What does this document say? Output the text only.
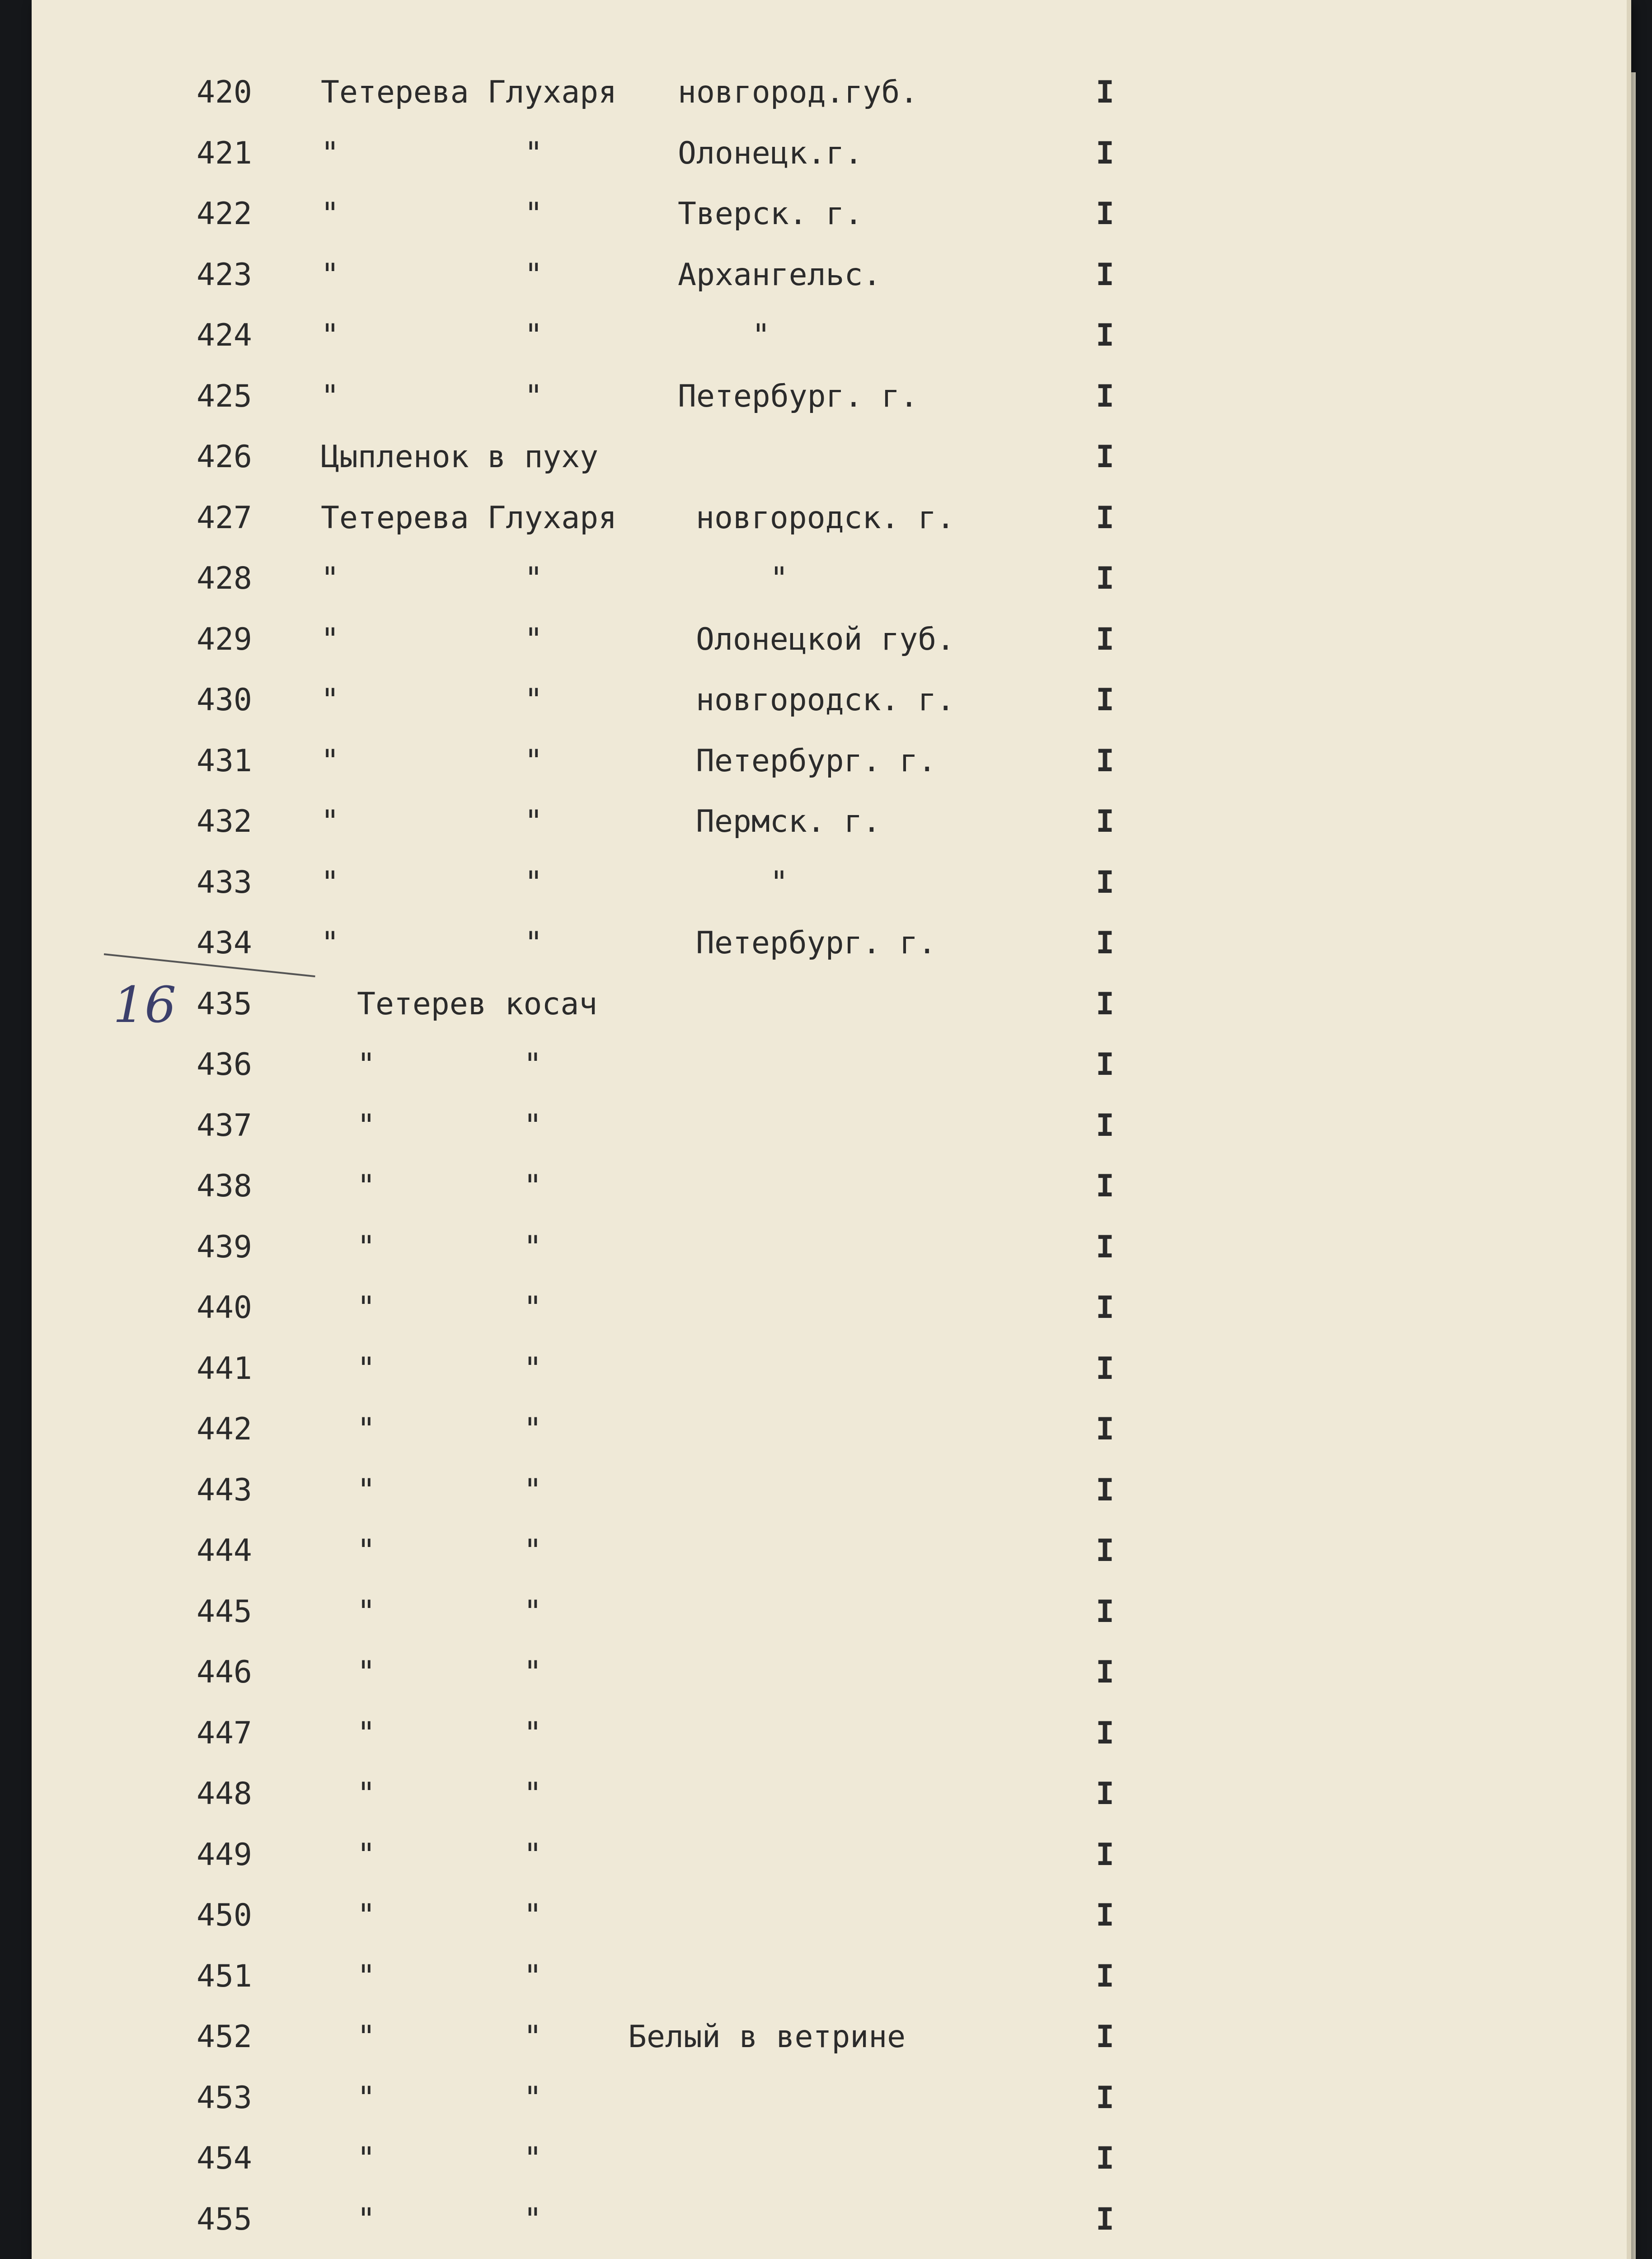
420	Тетерева Глухаря новгород.губ.	I
421	"          "	Олонецк.г.	I
422	"          "	Тверск. г.	I
423	"          "	Архангельс.	I
424	"          "	"	I
425	"          "	Петербург. г.	I
426	Цыпленок в пуху	I
427	Тетерева Глухаря	новгородск. г.	I
428	"          "	"	I
429	"          "	Олонецкой губ.	I
430	"          "	новгородск. г.	I
431	"          "	Петербург. г.	I
432	"          "	Пермск. г.	I
433	"          "	"	I
434	"          "	Петербург. г.	I
435	Тетерев косач	I
436	"        "	I
437	"        "	I
438	"        "	I
439	"        "	I
440	"        "	I
441	"        "	I
442	"        "	I
443	"        "	I
444	"        "	I
445	"        "	I
446	"        "	I
447	"        "	I
448	"        "	I
449	"        "	I
450	"        "	I
451	"        "	I
452	"        "	Белый в ветрине	I
453	"        "	I
454	"        "	I
455	"        "	I
16
